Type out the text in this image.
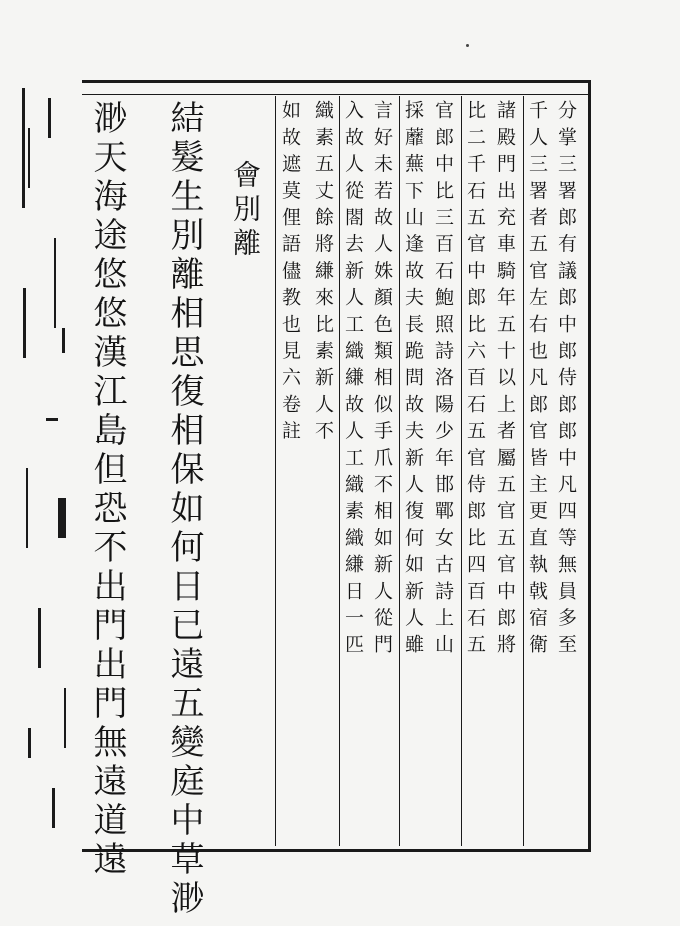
渺天海途悠悠漢江島但恐不出門出門無遠道遠 結髮生別離相思復相保如何日已遠五變庭中草渺 會別離 如故遮莫俚語儘教也見六卷註 織素五丈餘將縑來比素新人不 入故人從閤去新人工織縑故人工織素織縑日一匹 言好未若故人姝顏色類相似手爪不相如新人從門 採蘼蕪下山逢故夫長跪問故夫新人復何如新人雖 官郎中比三百石鮑照詩洛陽少年邯鄲女古詩上山 比二千石五官中郎比六百石五官侍郎比四百石五 諸殿門出充車騎年五十以上者屬五官五官中郎將 千人三署者五官左右也凡郎官皆主更直執戟宿衛 分掌三署郎有議郎中郎侍郎郎中凡四等無員多至
